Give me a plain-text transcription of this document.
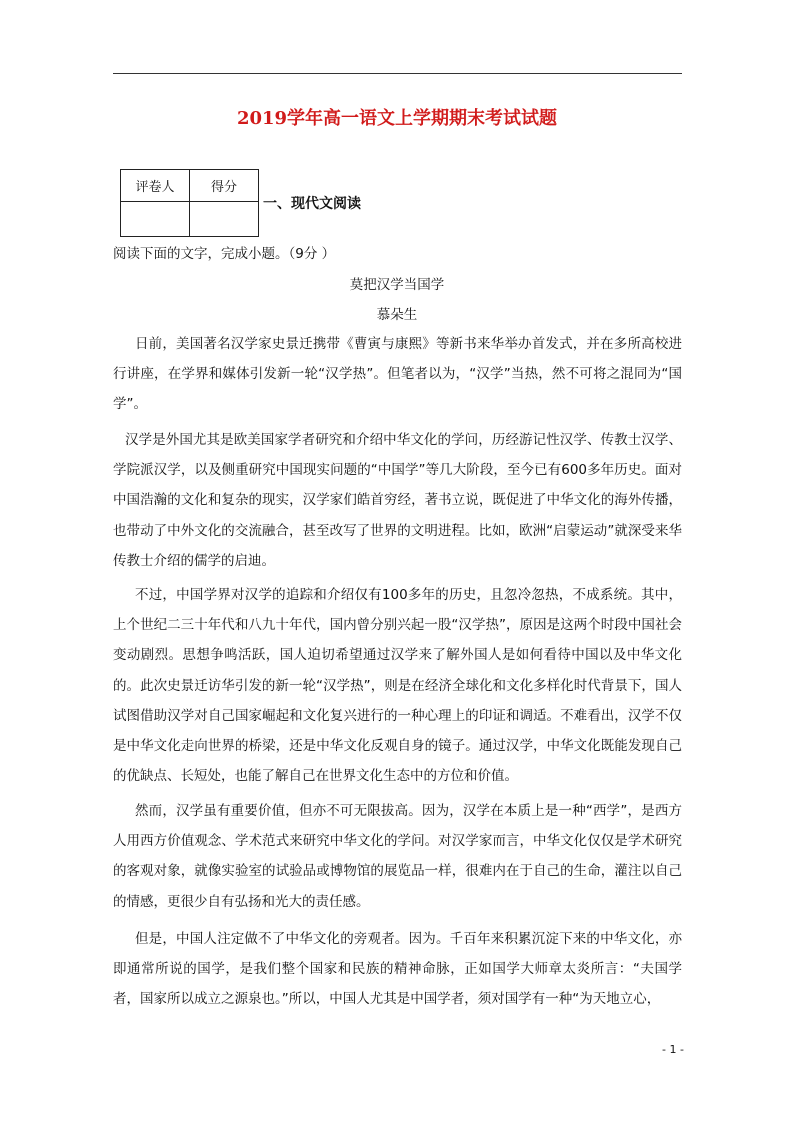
2019学年高一语文上学期期末考试试题
评卷人	得分

一、现代文阅读
阅读下面的文字，完成小题。（9分 ）
莫把汉学当国学
慕朵生

日前，美国著名汉学家史景迁携带《曹寅与康熙》等新书来华举办首发式，并在多所高校进行讲座，在学界和媒体引发新一轮“汉学热”。但笔者以为，“汉学”当热，然不可将之混同为“国学”。

汉学是外国尤其是欧美国家学者研究和介绍中华文化的学问，历经游记性汉学、传教士汉学、学院派汉学，以及侧重研究中国现实问题的“中国学”等几大阶段，至今已有600多年历史。面对中国浩瀚的文化和复杂的现实，汉学家们皓首穷经，著书立说，既促进了中华文化的海外传播，也带动了中外文化的交流融合，甚至改写了世界的文明进程。比如，欧洲“启蒙运动”就深受来华传教士介绍的儒学的启迪。

不过，中国学界对汉学的追踪和介绍仅有100多年的历史，且忽冷忽热，不成系统。其中，上个世纪二三十年代和八九十年代，国内曾分别兴起一股“汉学热”，原因是这两个时段中国社会变动剧烈。思想争鸣活跃，国人迫切希望通过汉学来了解外国人是如何看待中国以及中华文化的。此次史景迁访华引发的新一轮“汉学热”，则是在经济全球化和文化多样化时代背景下，国人试图借助汉学对自己国家崛起和文化复兴进行的一种心理上的印证和调适。不难看出，汉学不仅是中华文化走向世界的桥梁，还是中华文化反观自身的镜子。通过汉学，中华文化既能发现自己的优缺点、长短处，也能了解自己在世界文化生态中的方位和价值。

然而，汉学虽有重要价值，但亦不可无限拔高。因为，汉学在本质上是一种“西学”，是西方人用西方价值观念、学术范式来研究中华文化的学问。对汉学家而言，中华文化仅仅是学术研究的客观对象，就像实验室的试验品或博物馆的展览品一样，很难内在于自己的生命，灌注以自己的情感，更很少自有弘扬和光大的责任感。

但是，中国人注定做不了中华文化的旁观者。因为。千百年来积累沉淀下来的中华文化，亦即通常所说的国学，是我们整个国家和民族的精神命脉，正如国学大师章太炎所言：“夫国学者，国家所以成立之源泉也。”所以，中国人尤其是中国学者，须对国学有一种“为天地立心，

- 1 -
